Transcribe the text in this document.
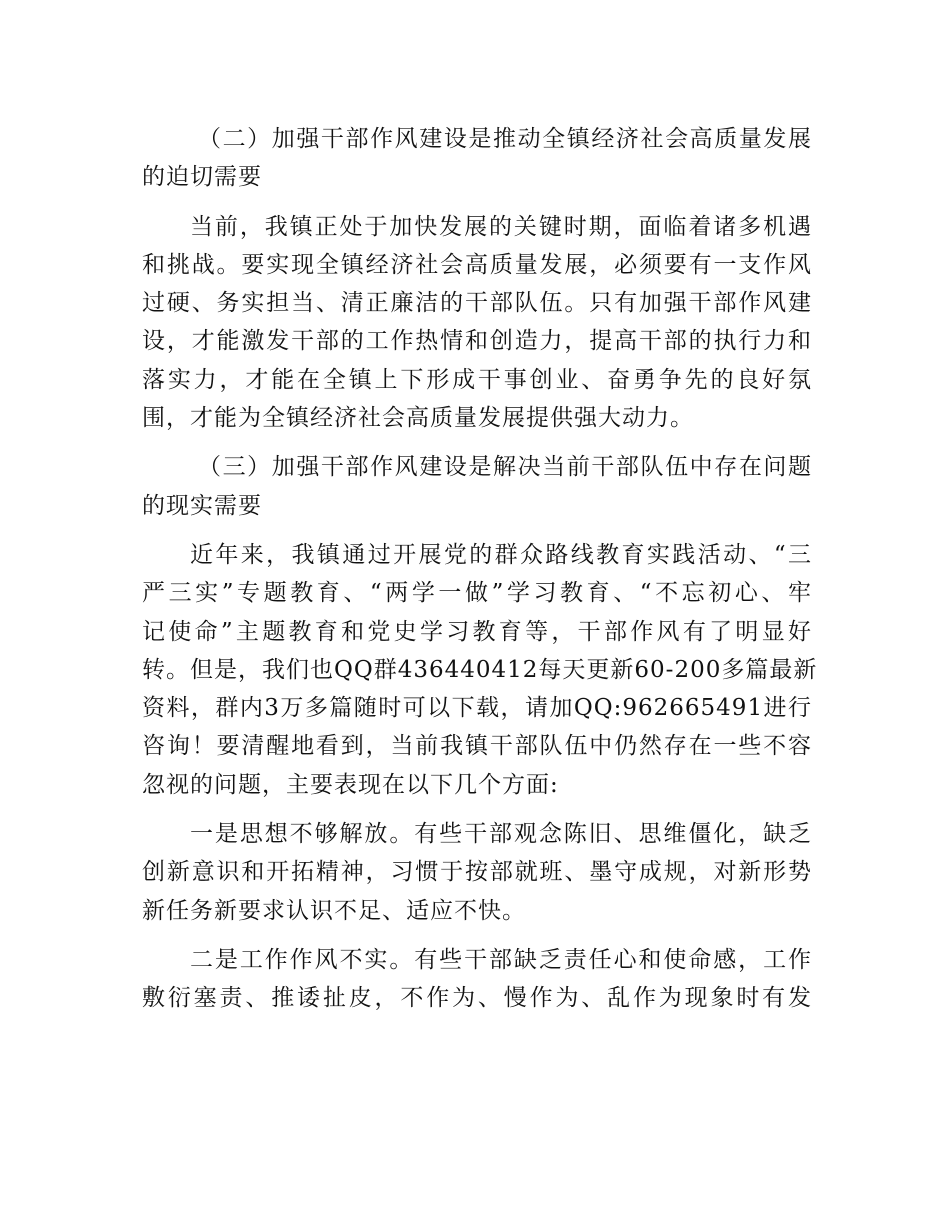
（二）加强干部作风建设是推动全镇经济社会高质量发展
的迫切需要
当前，我镇正处于加快发展的关键时期，面临着诸多机遇
和挑战。要实现全镇经济社会高质量发展，必须要有一支作风
过硬、务实担当、清正廉洁的干部队伍。只有加强干部作风建
设，才能激发干部的工作热情和创造力，提高干部的执行力和
落实力，才能在全镇上下形成干事创业、奋勇争先的良好氛
围，才能为全镇经济社会高质量发展提供强大动力。
（三）加强干部作风建设是解决当前干部队伍中存在问题
的现实需要
近年来，我镇通过开展党的群众路线教育实践活动、“三
严三实”专题教育、“两学一做”学习教育、“不忘初心、牢
记使命”主题教育和党史学习教育等，干部作风有了明显好
转。但是，我们也QQ群436440412每天更新60-200多篇最新
资料，群内3万多篇随时可以下载，请加QQ:962665491进行
咨询！要清醒地看到，当前我镇干部队伍中仍然存在一些不容
忽视的问题，主要表现在以下几个方面:
一是思想不够解放。有些干部观念陈旧、思维僵化，缺乏
创新意识和开拓精神，习惯于按部就班、墨守成规，对新形势
新任务新要求认识不足、适应不快。
二是工作作风不实。有些干部缺乏责任心和使命感，工作
敷衍塞责、推诿扯皮，不作为、慢作为、乱作为现象时有发
